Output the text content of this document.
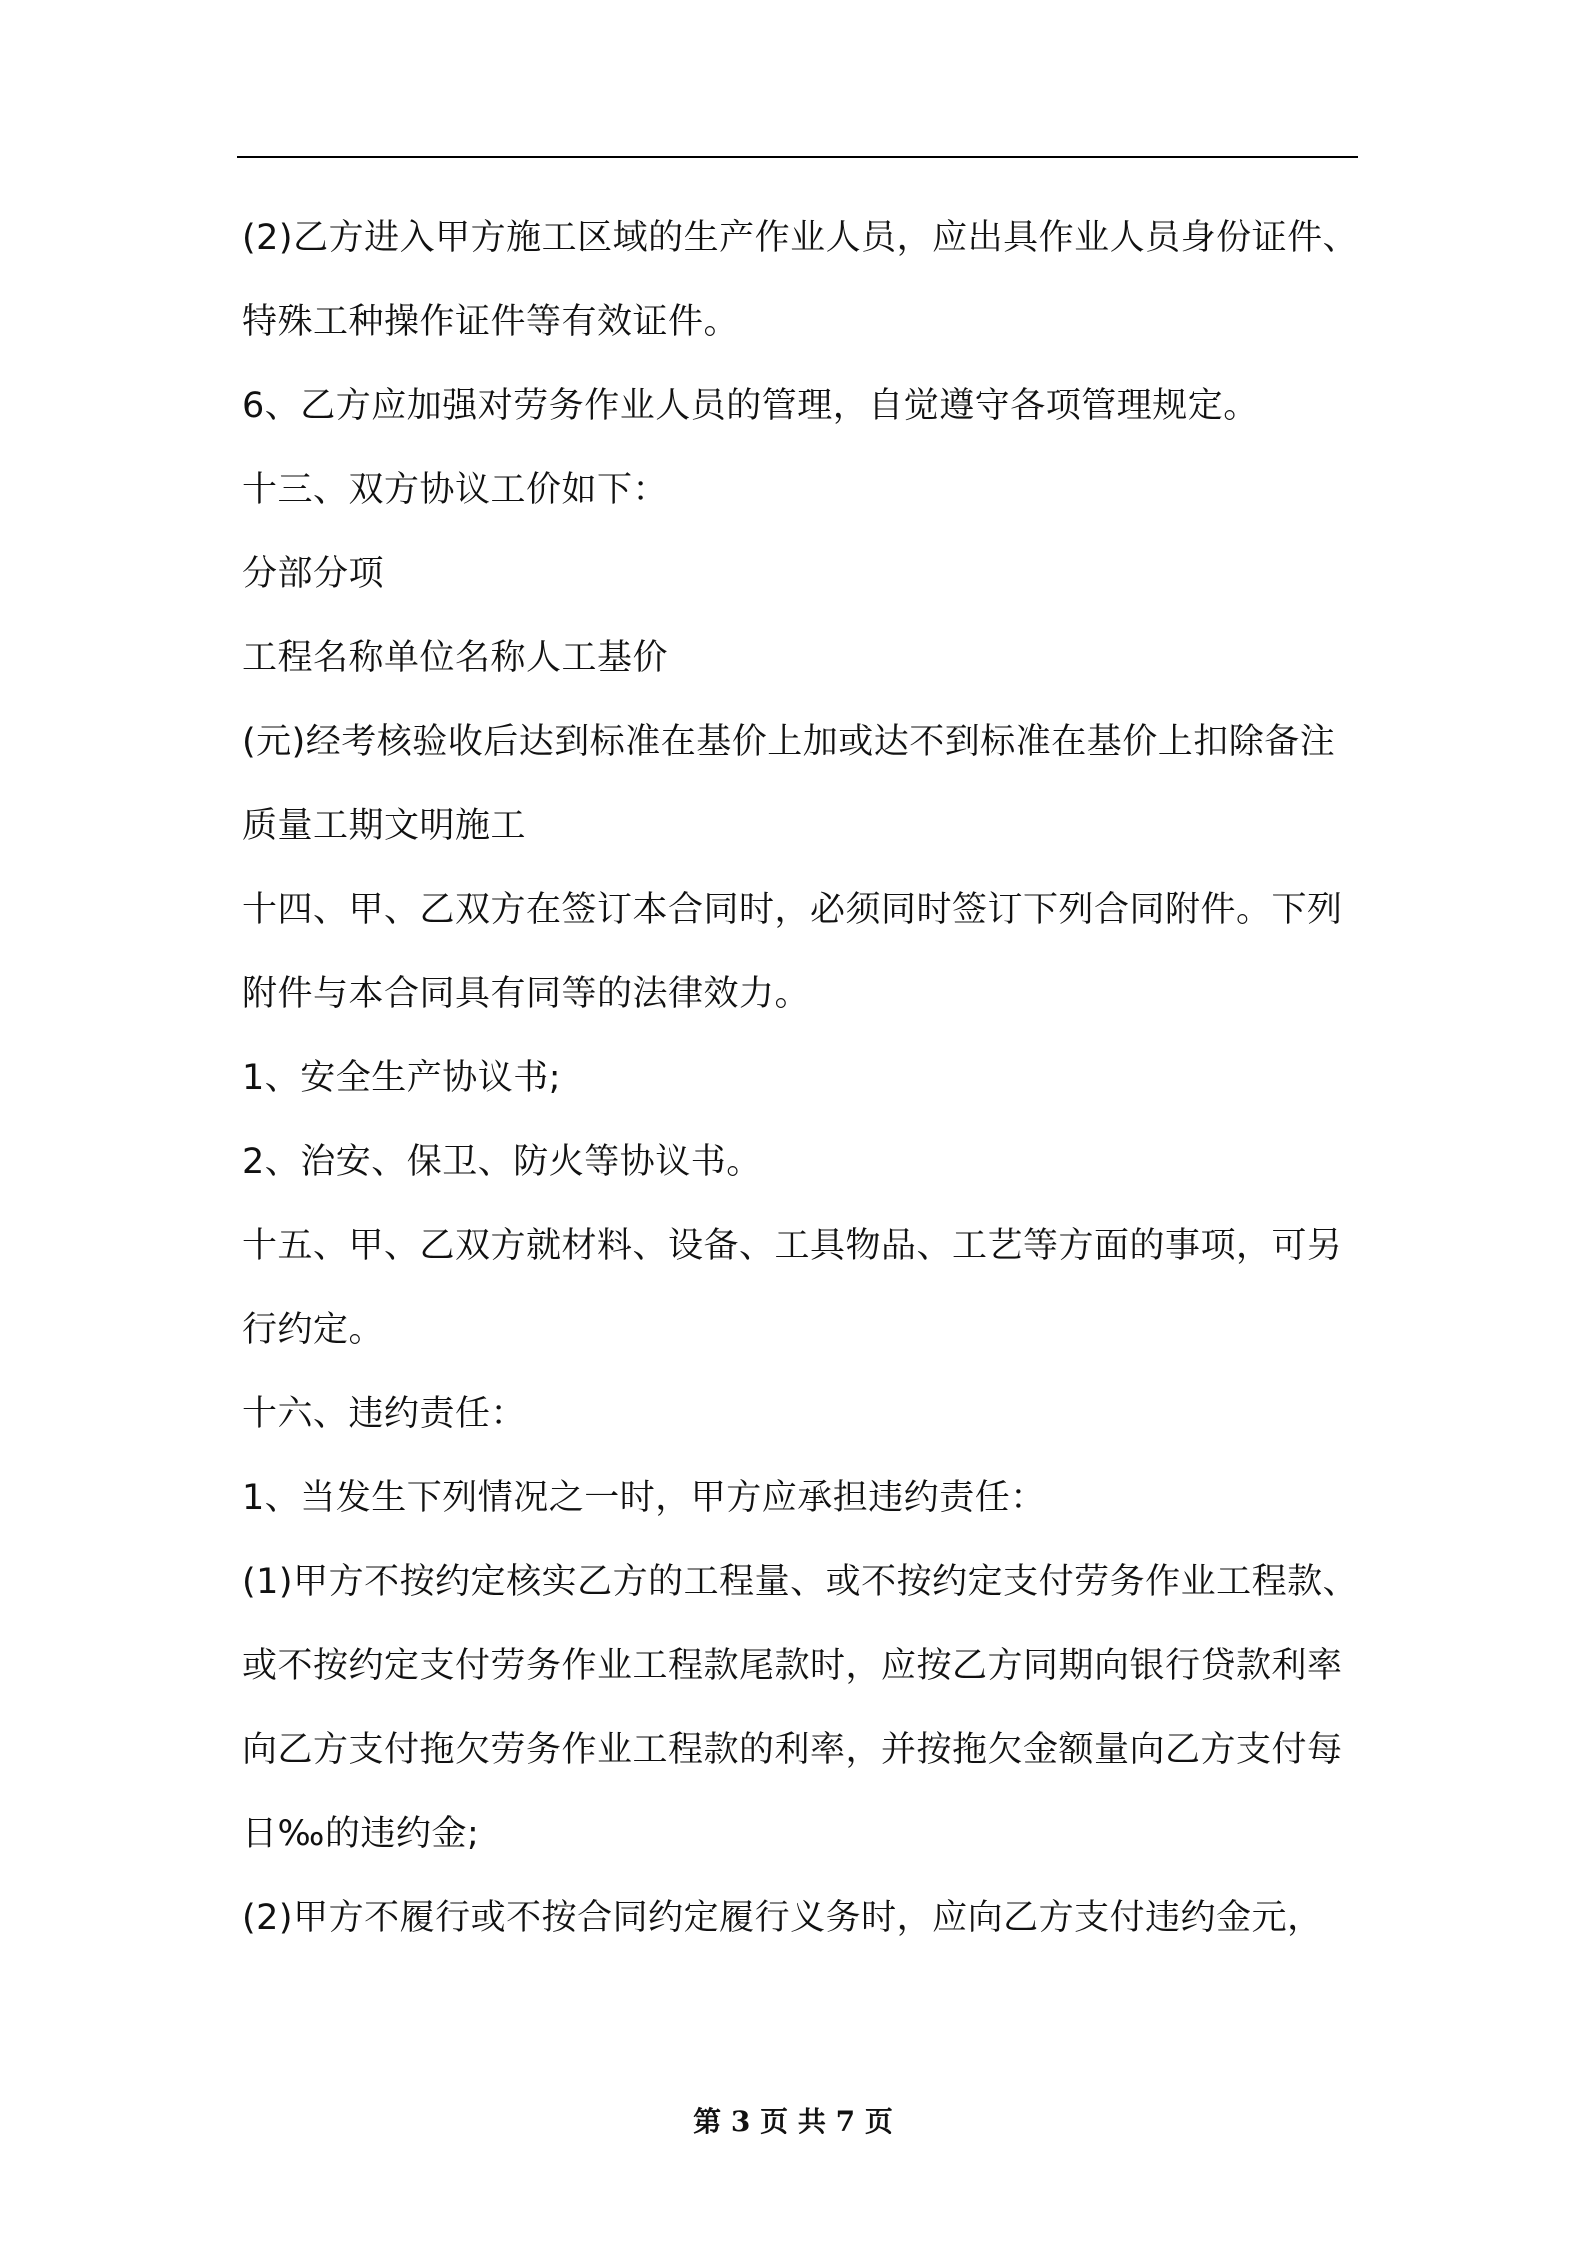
(2)乙方进入甲方施工区域的生产作业人员，应出具作业人员身份证件、特殊工种操作证件等有效证件。

6、乙方应加强对劳务作业人员的管理，自觉遵守各项管理规定。

十三、双方协议工价如下：

分部分项

工程名称单位名称人工基价

(元)经考核验收后达到标准在基价上加或达不到标准在基价上扣除备注

质量工期文明施工

十四、甲、乙双方在签订本合同时，必须同时签订下列合同附件。下列附件与本合同具有同等的法律效力。

1、安全生产协议书;

2、治安、保卫、防火等协议书。

十五、甲、乙双方就材料、设备、工具物品、工艺等方面的事项，可另行约定。

十六、违约责任：

1、当发生下列情况之一时，甲方应承担违约责任：

(1)甲方不按约定核实乙方的工程量、或不按约定支付劳务作业工程款、或不按约定支付劳务作业工程款尾款时，应按乙方同期向银行贷款利率向乙方支付拖欠劳务作业工程款的利率，并按拖欠金额量向乙方支付每日‰的违约金;

(2)甲方不履行或不按合同约定履行义务时，应向乙方支付违约金元，

第 3 页 共 7 页
